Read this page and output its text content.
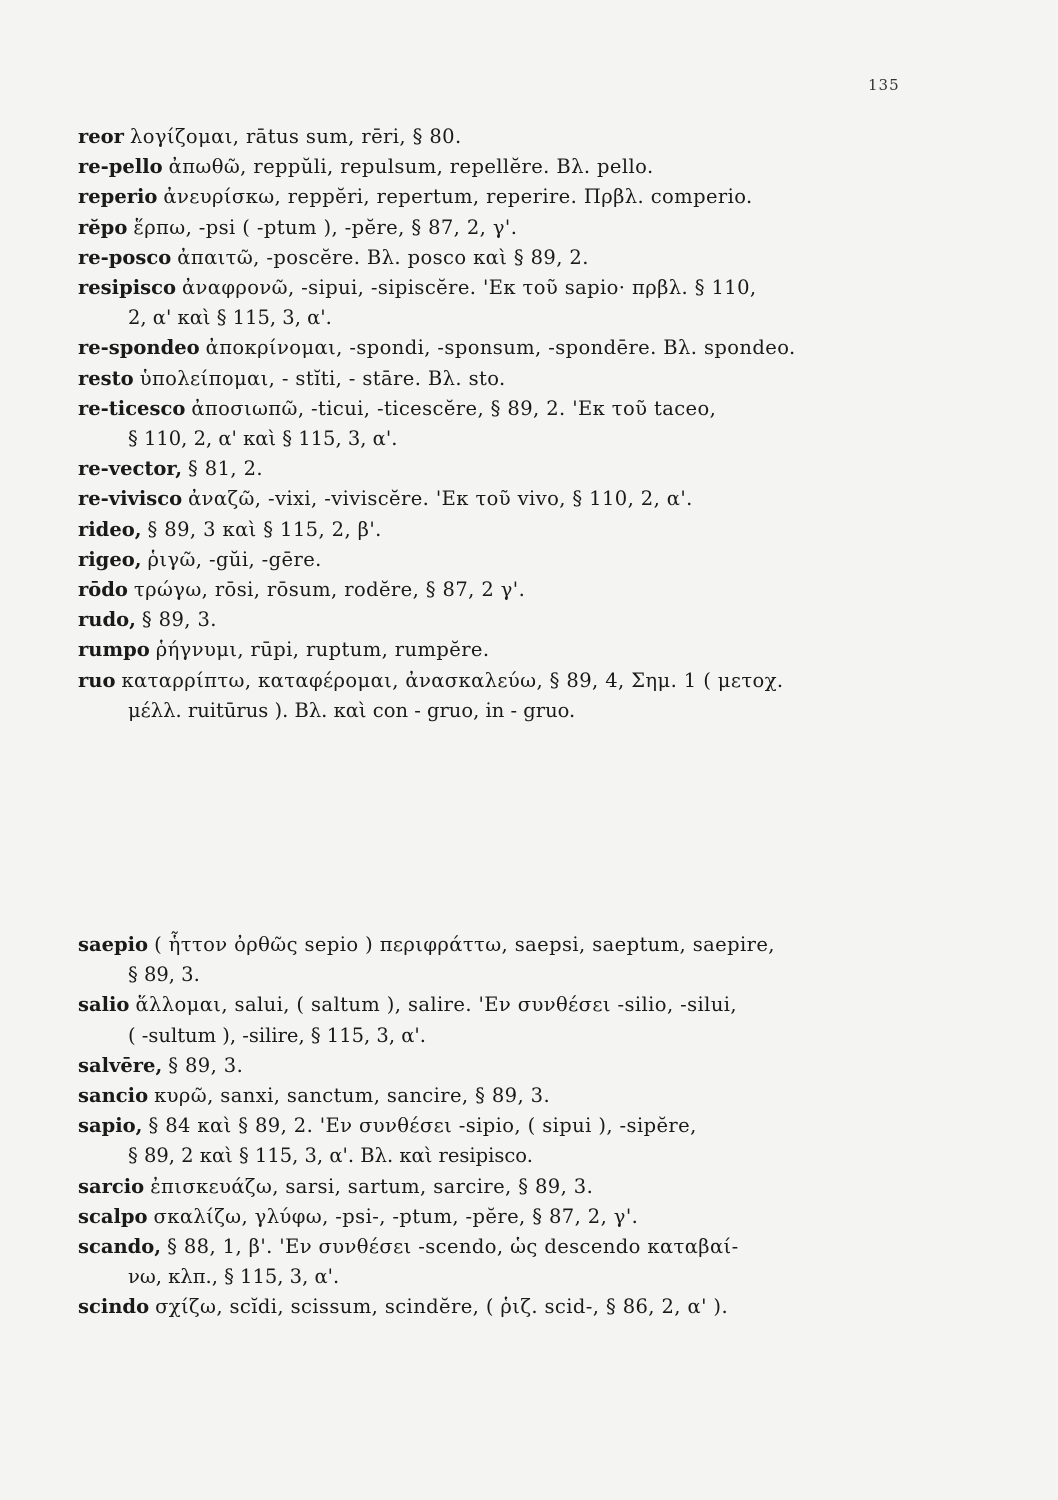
135
reor λογίζομαι, rātus sum, rēri, § 80.
re-pello ἀπωθῶ, reppŭli, repulsum, repellĕre. Βλ. pello.
reperio ἀνευρίσκω, reppĕri, repertum, reperire. Πρβλ. comperio.
rĕpo ἕρπω, -psi ( -ptum ), -pĕre, § 87, 2, γ'.
re-posco ἀπαιτῶ, -poscĕre. Βλ. posco καὶ § 89, 2.
resipisco ἀναφρονῶ, -sipui, -sipiscĕre. 'Εκ τοῦ sapio· πρβλ. § 110,
2, α' καὶ § 115, 3, α'.
re-spondeo ἀποκρίνομαι, -spondi, -sponsum, -spondēre. Βλ. spondeo.
resto ὑπολείπομαι, - stĭti, - stāre. Βλ. sto.
re-ticesco ἀποσιωπῶ, -ticui, -ticescĕre, § 89, 2. 'Εκ τοῦ taceo,
§ 110, 2, α' καὶ § 115, 3, α'.
re-vector, § 81, 2.
re-vivisco ἀναζῶ, -vixi, -viviscĕre. 'Εκ τοῦ vivo, § 110, 2, α'.
rideo, § 89, 3 καὶ § 115, 2, β'.
rigeo, ῥιγῶ, -gŭi, -gēre.
rōdo τρώγω, rōsi, rōsum, rodĕre, § 87, 2 γ'.
rudo, § 89, 3.
rumpo ῥήγνυμι, rūpi, ruptum, rumpĕre.
ruo καταρρίπτω, καταφέρομαι, ἀνασκαλεύω, § 89, 4, Σημ. 1 ( μετοχ.
μέλλ. ruitūrus ). Βλ. καὶ con - gruo, in - gruo.
saepio ( ἧττον ὀρθῶς sepio ) περιφράττω, saepsi, saeptum, saepire,
§ 89, 3.
salio ἅλλομαι, salui, ( saltum ), salire. 'Εν συνθέσει -silio, -silui,
( -sultum ), -silire, § 115, 3, α'.
salvēre, § 89, 3.
sancio κυρῶ, sanxi, sanctum, sancire, § 89, 3.
sapio, § 84 καὶ § 89, 2. 'Εν συνθέσει -sipio, ( sipui ), -sipĕre,
§ 89, 2 καὶ § 115, 3, α'. Βλ. καὶ resipisco.
sarcio ἐπισκευάζω, sarsi, sartum, sarcire, § 89, 3.
scalpo σκαλίζω, γλύφω, -psi-, -ptum, -pĕre, § 87, 2, γ'.
scando, § 88, 1, β'. 'Εν συνθέσει -scendo, ὡς descendo καταβαί-
νω, κλπ., § 115, 3, α'.
scindo σχίζω, scĭdi, scissum, scindĕre, ( ῥιζ. scid-, § 86, 2, α' ).
